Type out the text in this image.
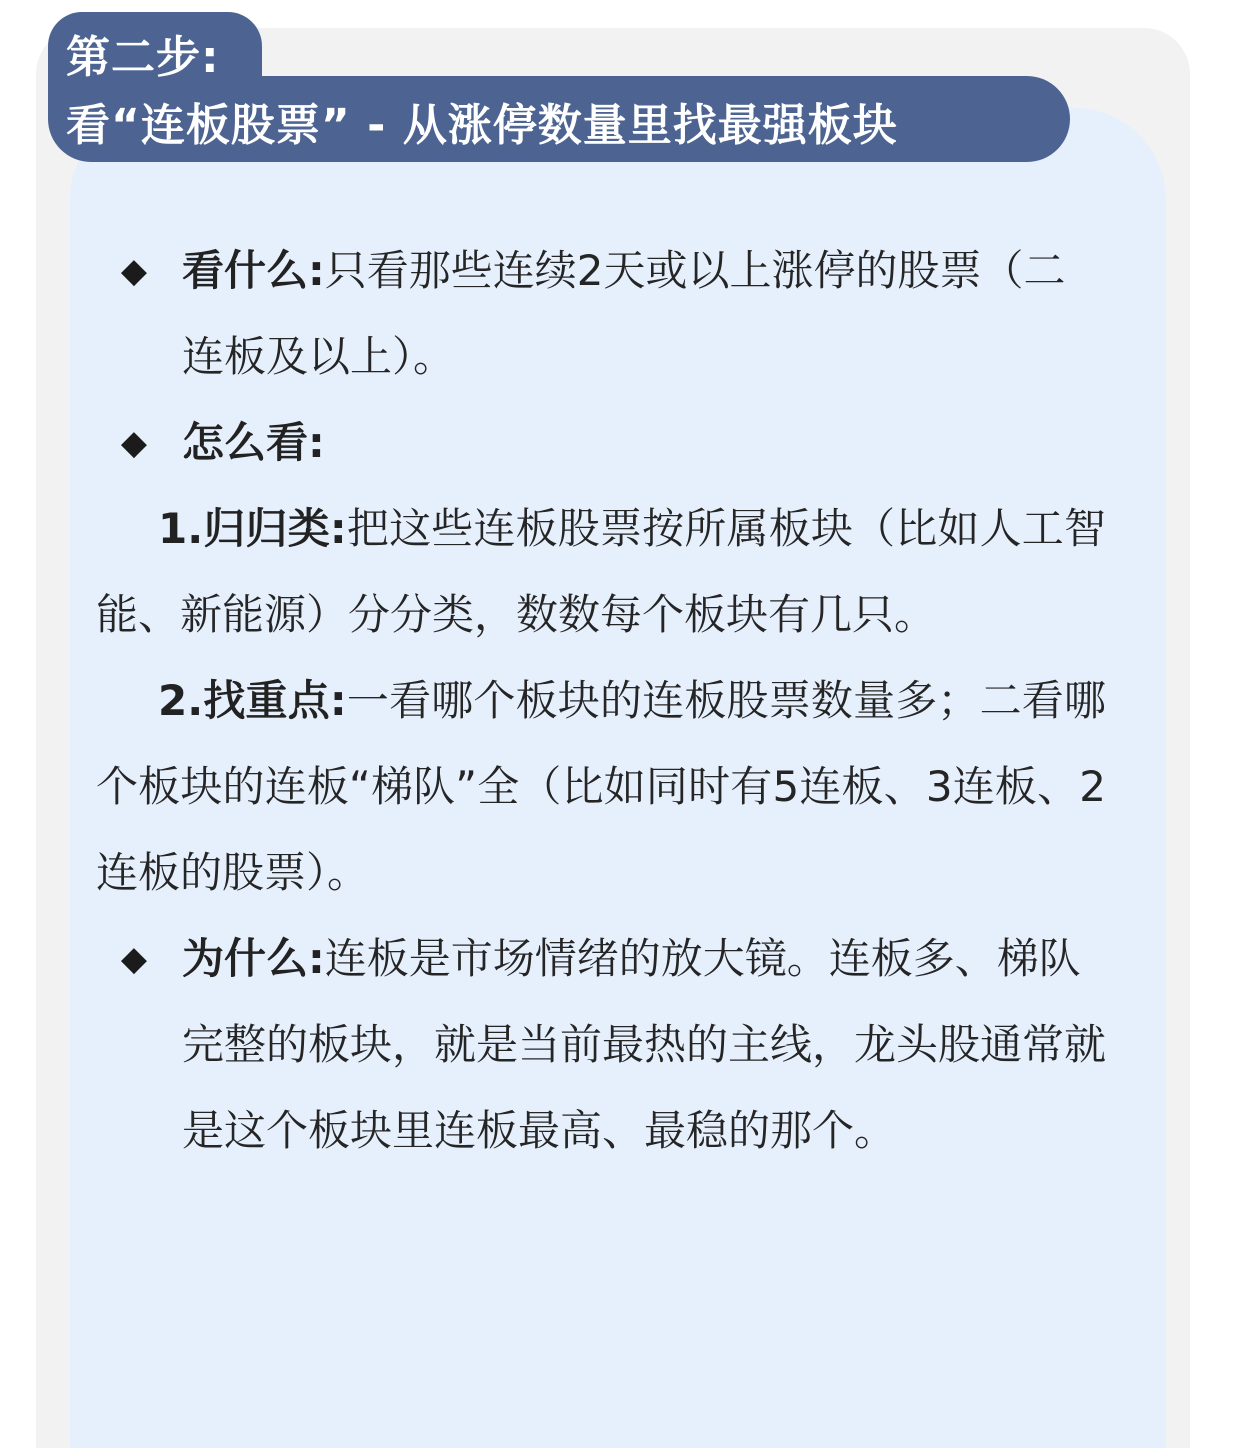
第二步:
看“连板股票” - 从涨停数量里找最强板块
◆ 看什么:只看那些连续2天或以上涨停的股票（二连板及以上）。
◆ 怎么看:
1.归归类:把这些连板股票按所属板块（比如人工智能、新能源）分分类，数数每个板块有几只。
2.找重点:一看哪个板块的连板股票数量多；二看哪个板块的连板“梯队”全（比如同时有5连板、3连板、2连板的股票）。
◆ 为什么:连板是市场情绪的放大镜。连板多、梯队完整的板块，就是当前最热的主线，龙头股通常就是这个板块里连板最高、最稳的那个。
